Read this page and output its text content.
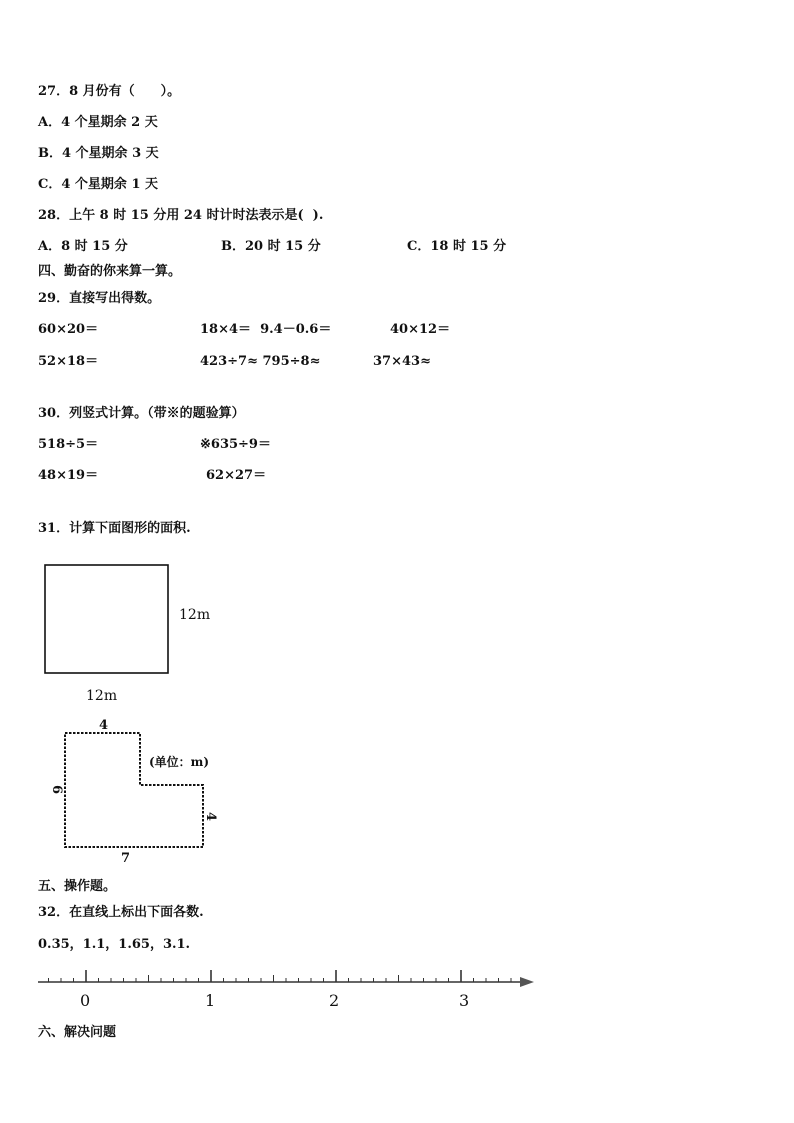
27．8 月份有（　　）。
A．4 个星期余 2 天
B．4 个星期余 3 天
C．4 个星期余 1 天
28．上午 8 时 15 分用 24 时计时法表示是(  ).
A．8 时 15 分	B．20 时 15 分	C．18 时 15 分
四、勤奋的你来算一算。
29．直接写出得数。
60×20＝	18×4＝  9.4－0.6＝	40×12＝
52×18＝	423÷7≈ 795÷8≈	37×43≈
30．列竖式计算。（带※的题验算）
518÷5＝	※635÷9＝
48×19＝	62×27＝
31．计算下面图形的面积.
12m
12m
4
6
4
7
(单位：m)
0	1	2	3
五、操作题。
32．在直线上标出下面各数.
0.35，1.1，1.65，3.1.
六、解决问题
